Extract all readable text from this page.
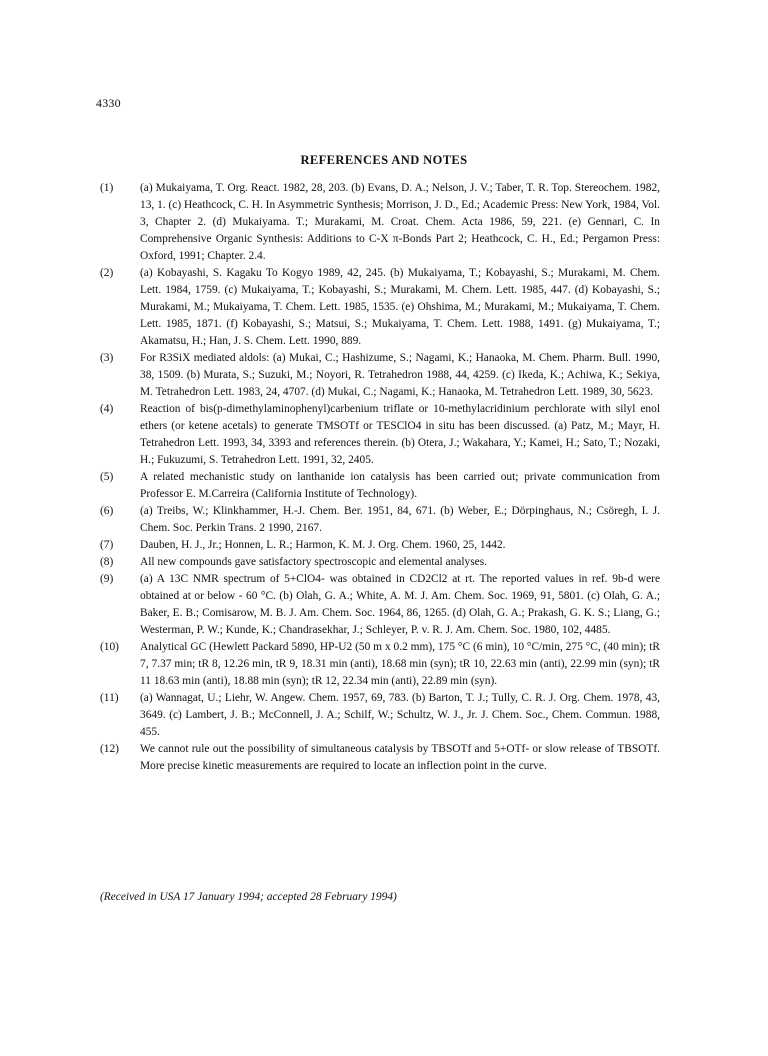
4330
REFERENCES AND NOTES
(1)	(a) Mukaiyama, T. Org. React. 1982, 28, 203. (b) Evans, D. A.; Nelson, J. V.; Taber, T. R. Top. Stereochem. 1982, 13, 1. (c) Heathcock, C. H. In Asymmetric Synthesis; Morrison, J. D., Ed.; Academic Press: New York, 1984, Vol. 3, Chapter 2. (d) Mukaiyama. T.; Murakami, M. Croat. Chem. Acta 1986, 59, 221. (e) Gennari, C. In Comprehensive Organic Synthesis: Additions to C-X π-Bonds Part 2; Heathcock, C. H., Ed.; Pergamon Press: Oxford, 1991; Chapter. 2.4.
(2)	(a) Kobayashi, S. Kagaku To Kogyo 1989, 42, 245. (b) Mukaiyama, T.; Kobayashi, S.; Murakami, M. Chem. Lett. 1984, 1759. (c) Mukaiyama, T.; Kobayashi, S.; Murakami, M. Chem. Lett. 1985, 447. (d) Kobayashi, S.; Murakami, M.; Mukaiyama, T. Chem. Lett. 1985, 1535. (e) Ohshima, M.; Murakami, M.; Mukaiyama, T. Chem. Lett. 1985, 1871. (f) Kobayashi, S.; Matsui, S.; Mukaiyama, T. Chem. Lett. 1988, 1491. (g) Mukaiyama, T.; Akamatsu, H.; Han, J. S. Chem. Lett. 1990, 889.
(3)	For R3SiX mediated aldols: (a) Mukai, C.; Hashizume, S.; Nagami, K.; Hanaoka, M. Chem. Pharm. Bull. 1990, 38, 1509. (b) Murata, S.; Suzuki, M.; Noyori, R. Tetrahedron 1988, 44, 4259. (c) Ikeda, K.; Achiwa, K.; Sekiya, M. Tetrahedron Lett. 1983, 24, 4707. (d) Mukai, C.; Nagami, K.; Hanaoka, M. Tetrahedron Lett. 1989, 30, 5623.
(4)	Reaction of bis(p-dimethylaminophenyl)carbenium triflate or 10-methylacridinium perchlorate with silyl enol ethers (or ketene acetals) to generate TMSOTf or TESClO4 in situ has been discussed. (a) Patz, M.; Mayr, H. Tetrahedron Lett. 1993, 34, 3393 and references therein. (b) Otera, J.; Wakahara, Y.; Kamei, H.; Sato, T.; Nozaki, H.; Fukuzumi, S. Tetrahedron Lett. 1991, 32, 2405.
(5)	A related mechanistic study on lanthanide ion catalysis has been carried out; private communication from Professor E. M.Carreira (California Institute of Technology).
(6)	(a) Treibs, W.; Klinkhammer, H.-J. Chem. Ber. 1951, 84, 671. (b) Weber, E.; Dörpinghaus, N.; Csöregh, I. J. Chem. Soc. Perkin Trans. 2 1990, 2167.
(7)	Dauben, H. J., Jr.; Honnen, L. R.; Harmon, K. M. J. Org. Chem. 1960, 25, 1442.
(8)	All new compounds gave satisfactory spectroscopic and elemental analyses.
(9)	(a) A 13C NMR spectrum of 5+ClO4- was obtained in CD2Cl2 at rt. The reported values in ref. 9b-d were obtained at or below - 60 °C. (b) Olah, G. A.; White, A. M. J. Am. Chem. Soc. 1969, 91, 5801. (c) Olah, G. A.; Baker, E. B.; Comisarow, M. B. J. Am. Chem. Soc. 1964, 86, 1265. (d) Olah, G. A.; Prakash, G. K. S.; Liang, G.; Westerman, P. W.; Kunde, K.; Chandrasekhar, J.; Schleyer, P. v. R. J. Am. Chem. Soc. 1980, 102, 4485.
(10)	Analytical GC (Hewlett Packard 5890, HP-U2 (50 m x 0.2 mm), 175 °C (6 min), 10 °C/min, 275 °C, (40 min); tR 7, 7.37 min; tR 8, 12.26 min, tR 9, 18.31 min (anti), 18.68 min (syn); tR 10, 22.63 min (anti), 22.99 min (syn); tR 11 18.63 min (anti), 18.88 min (syn); tR 12, 22.34 min (anti), 22.89 min (syn).
(11)	(a) Wannagat, U.; Liehr, W. Angew. Chem. 1957, 69, 783. (b) Barton, T. J.; Tully, C. R. J. Org. Chem. 1978, 43, 3649. (c) Lambert, J. B.; McConnell, J. A.; Schilf, W.; Schultz, W. J., Jr. J. Chem. Soc., Chem. Commun. 1988, 455.
(12)	We cannot rule out the possibility of simultaneous catalysis by TBSOTf and 5+OTf- or slow release of TBSOTf. More precise kinetic measurements are required to locate an inflection point in the curve.
(Received in USA 17 January 1994; accepted 28 February 1994)
